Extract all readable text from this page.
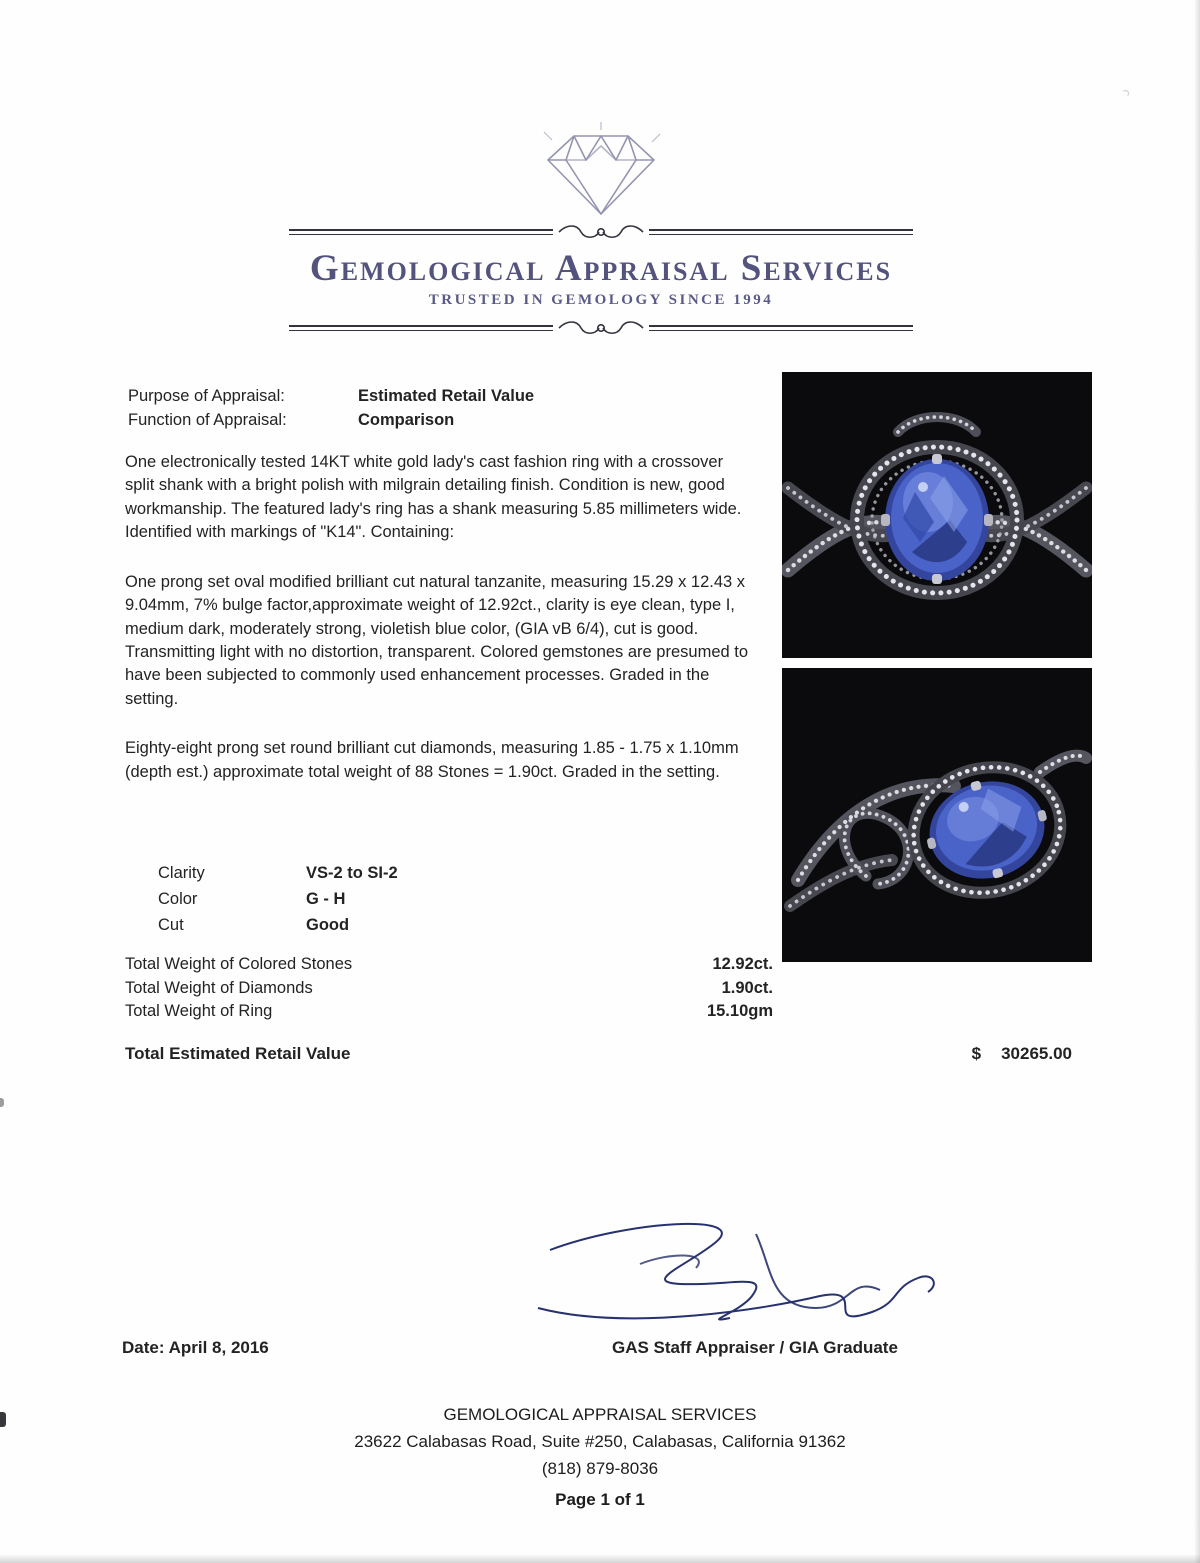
Gemological Appraisal Services
TRUSTED IN GEMOLOGY SINCE 1994
Purpose of Appraisal:	Estimated Retail Value
Function of Appraisal:	Comparison

One electronically tested 14KT white gold lady's cast fashion ring with a crossover split shank with a bright polish with milgrain detailing finish. Condition is new, good workmanship. The featured lady's ring has a shank measuring 5.85 millimeters wide. Identified with markings of "K14". Containing:

One prong set oval modified brilliant cut natural tanzanite, measuring 15.29 x 12.43 x 9.04mm, 7% bulge factor,approximate weight of 12.92ct., clarity is eye clean, type I, medium dark, moderately strong, violetish blue color, (GIA vB 6/4), cut is good. Transmitting light with no distortion, transparent. Colored gemstones are presumed to have been subjected to commonly used enhancement processes. Graded in the setting.

Eighty-eight prong set round brilliant cut diamonds, measuring 1.85 - 1.75 x 1.10mm (depth est.) approximate total weight of 88 Stones = 1.90ct. Graded in the setting.

Clarity	VS-2 to SI-2
Color	G - H
Cut	Good
Total Weight of Colored Stones	12.92ct.
Total Weight of Diamonds	1.90ct.
Total Weight of Ring	15.10gm
Total Estimated Retail Value	$ 30265.00
GAS Staff Appraiser / GIA Graduate
Date: April 8, 2016
GEMOLOGICAL APPRAISAL SERVICES
23622 Calabasas Road, Suite #250, Calabasas, California 91362
(818) 879-8036
Page 1 of 1
